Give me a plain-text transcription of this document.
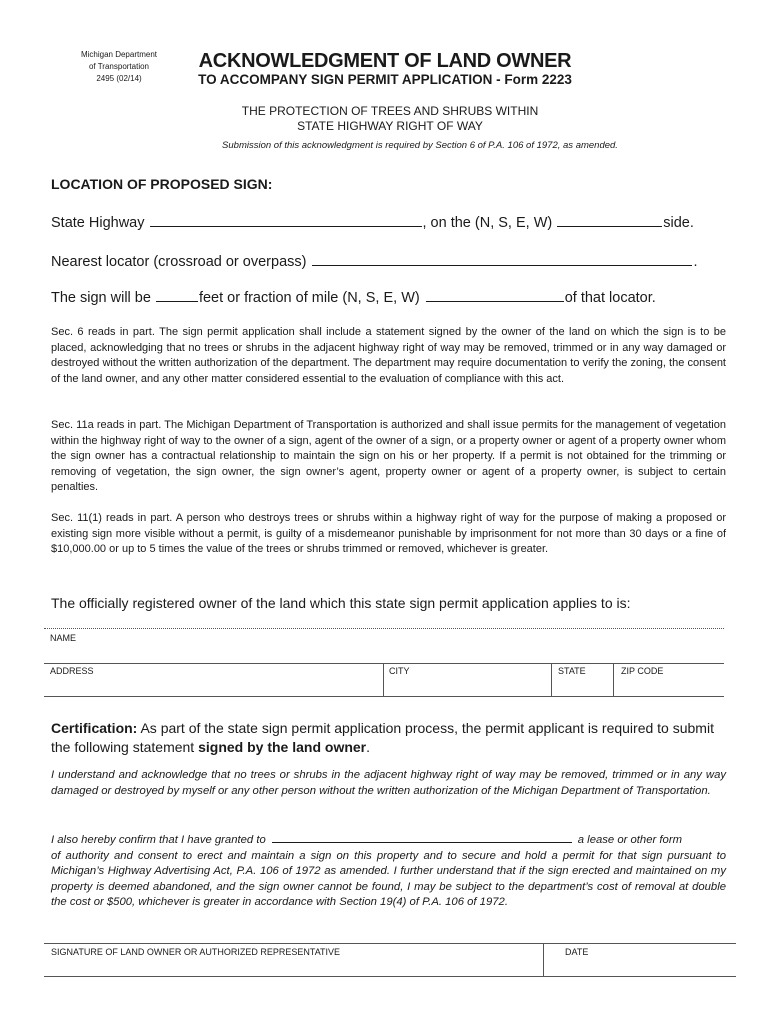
Michigan Department
of Transportation
2495 (02/14)
ACKNOWLEDGMENT OF LAND OWNER
TO ACCOMPANY SIGN PERMIT APPLICATION - Form 2223
THE PROTECTION OF TREES AND SHRUBS WITHIN
STATE HIGHWAY RIGHT OF WAY
Submission of this acknowledgment is required by Section 6 of P.A. 106 of 1972, as amended.
LOCATION OF PROPOSED SIGN:
State Highway	, on the (N, S, E, W)	side.
Nearest locator (crossroad or overpass)	.
The sign will be	feet or fraction of mile (N, S, E, W)	of that locator.
Sec. 6 reads in part. The sign permit application shall include a statement signed by the owner of the land on which the sign is to be placed, acknowledging that no trees or shrubs in the adjacent highway right of way may be removed, trimmed or in any way damaged or destroyed without the written authorization of the department. The department may require documentation to verify the zoning, the consent of the land owner, and any other matter considered essential to the evaluation of compliance with this act.
Sec. 11a reads in part. The Michigan Department of Transportation is authorized and shall issue permits for the management of vegetation within the highway right of way to the owner of a sign, agent of the owner of a sign, or a property owner or agent of a property owner whom the sign owner has a contractual relationship to maintain the sign on his or her property. If a permit is not obtained for the trimming or removing of vegetation, the sign owner, the sign owner’s agent, property owner or agent of a property owner, is subject to certain penalties.
Sec. 11(1) reads in part. A person who destroys trees or shrubs within a highway right of way for the purpose of making a proposed or existing sign more visible without a permit, is guilty of a misdemeanor punishable by imprisonment for not more than 30 days or a fine of $10,000.00 or up to 5 times the value of the trees or shrubs trimmed or removed, whichever is greater.
The officially registered owner of the land which this state sign permit application applies to is:
NAME
ADDRESS	CITY	STATE	ZIP CODE
Certification: As part of the state sign permit application process, the permit applicant is required to submit the following statement signed by the land owner.
I understand and acknowledge that no trees or shrubs in the adjacent highway right of way may be removed, trimmed or in any way damaged or destroyed by myself or any other person without the written authorization of the Michigan Department of Transportation.
I also hereby confirm that I have granted to	a lease or other form
of authority and consent to erect and maintain a sign on this property and to secure and hold a permit for that sign pursuant to Michigan’s Highway Advertising Act, P.A. 106 of 1972 as amended. I further understand that if the sign erected and maintained on my property is deemed abandoned, and the sign owner cannot be found, I may be subject to the department’s cost of removal at double the cost or $500, whichever is greater in accordance with Section 19(4) of P.A. 106 of 1972.
SIGNATURE OF LAND OWNER OR AUTHORIZED REPRESENTATIVE	DATE
